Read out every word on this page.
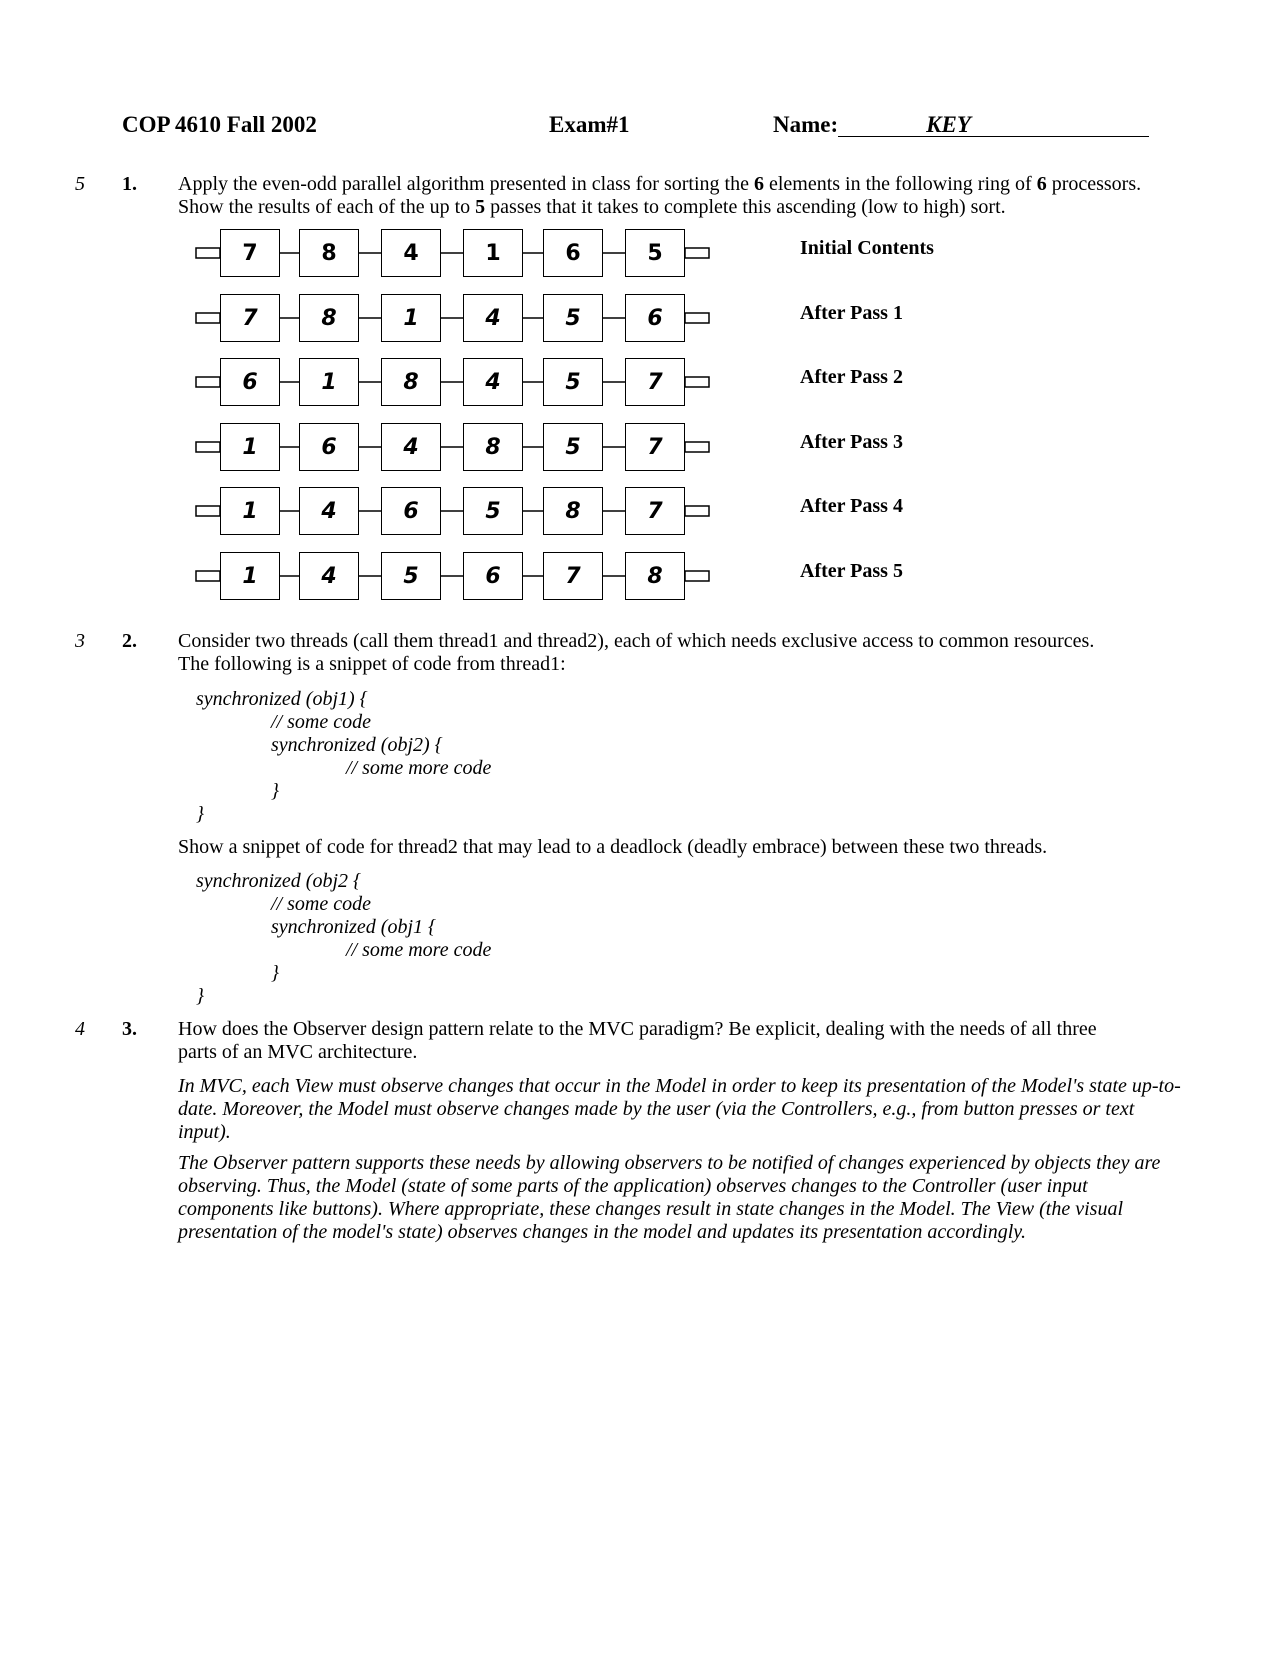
COP 4610 Fall 2002	Exam#1	Name:	KEY
5 1. Apply the even-odd parallel algorithm presented in class for sorting the 6 elements in the following ring of 6 processors. Show the results of each of the up to 5 passes that it takes to complete this ascending (low to high) sort.
7	8	4	1	6	5	Initial Contents
7	8	1	4	5	6	After Pass 1
6	1	8	4	5	7	After Pass 2
1	6	4	8	5	7	After Pass 3
1	4	6	5	8	7	After Pass 4
1	4	5	6	7	8	After Pass 5
3 2. Consider two threads (call them thread1 and thread2), each of which needs exclusive access to common resources.
The following is a snippet of code from thread1:
synchronized (obj1) {
// some code
synchronized (obj2) {
// some more code
}
}
Show a snippet of code for thread2 that may lead to a deadlock (deadly embrace) between these two threads.
synchronized (obj2 {
// some code
synchronized (obj1 {
// some more code
}
}
4 3. How does the Observer design pattern relate to the MVC paradigm? Be explicit, dealing with the needs of all three
parts of an MVC architecture.
In MVC, each View must observe changes that occur in the Model in order to keep its presentation of the Model's state up-to-date. Moreover, the Model must observe changes made by the user (via the Controllers, e.g., from button presses or text input).
The Observer pattern supports these needs by allowing observers to be notified of changes experienced by objects they are observing. Thus, the Model (state of some parts of the application) observes changes to the Controller (user input components like buttons). Where appropriate, these changes result in state changes in the Model. The View (the visual presentation of the model's state) observes changes in the model and updates its presentation accordingly.
